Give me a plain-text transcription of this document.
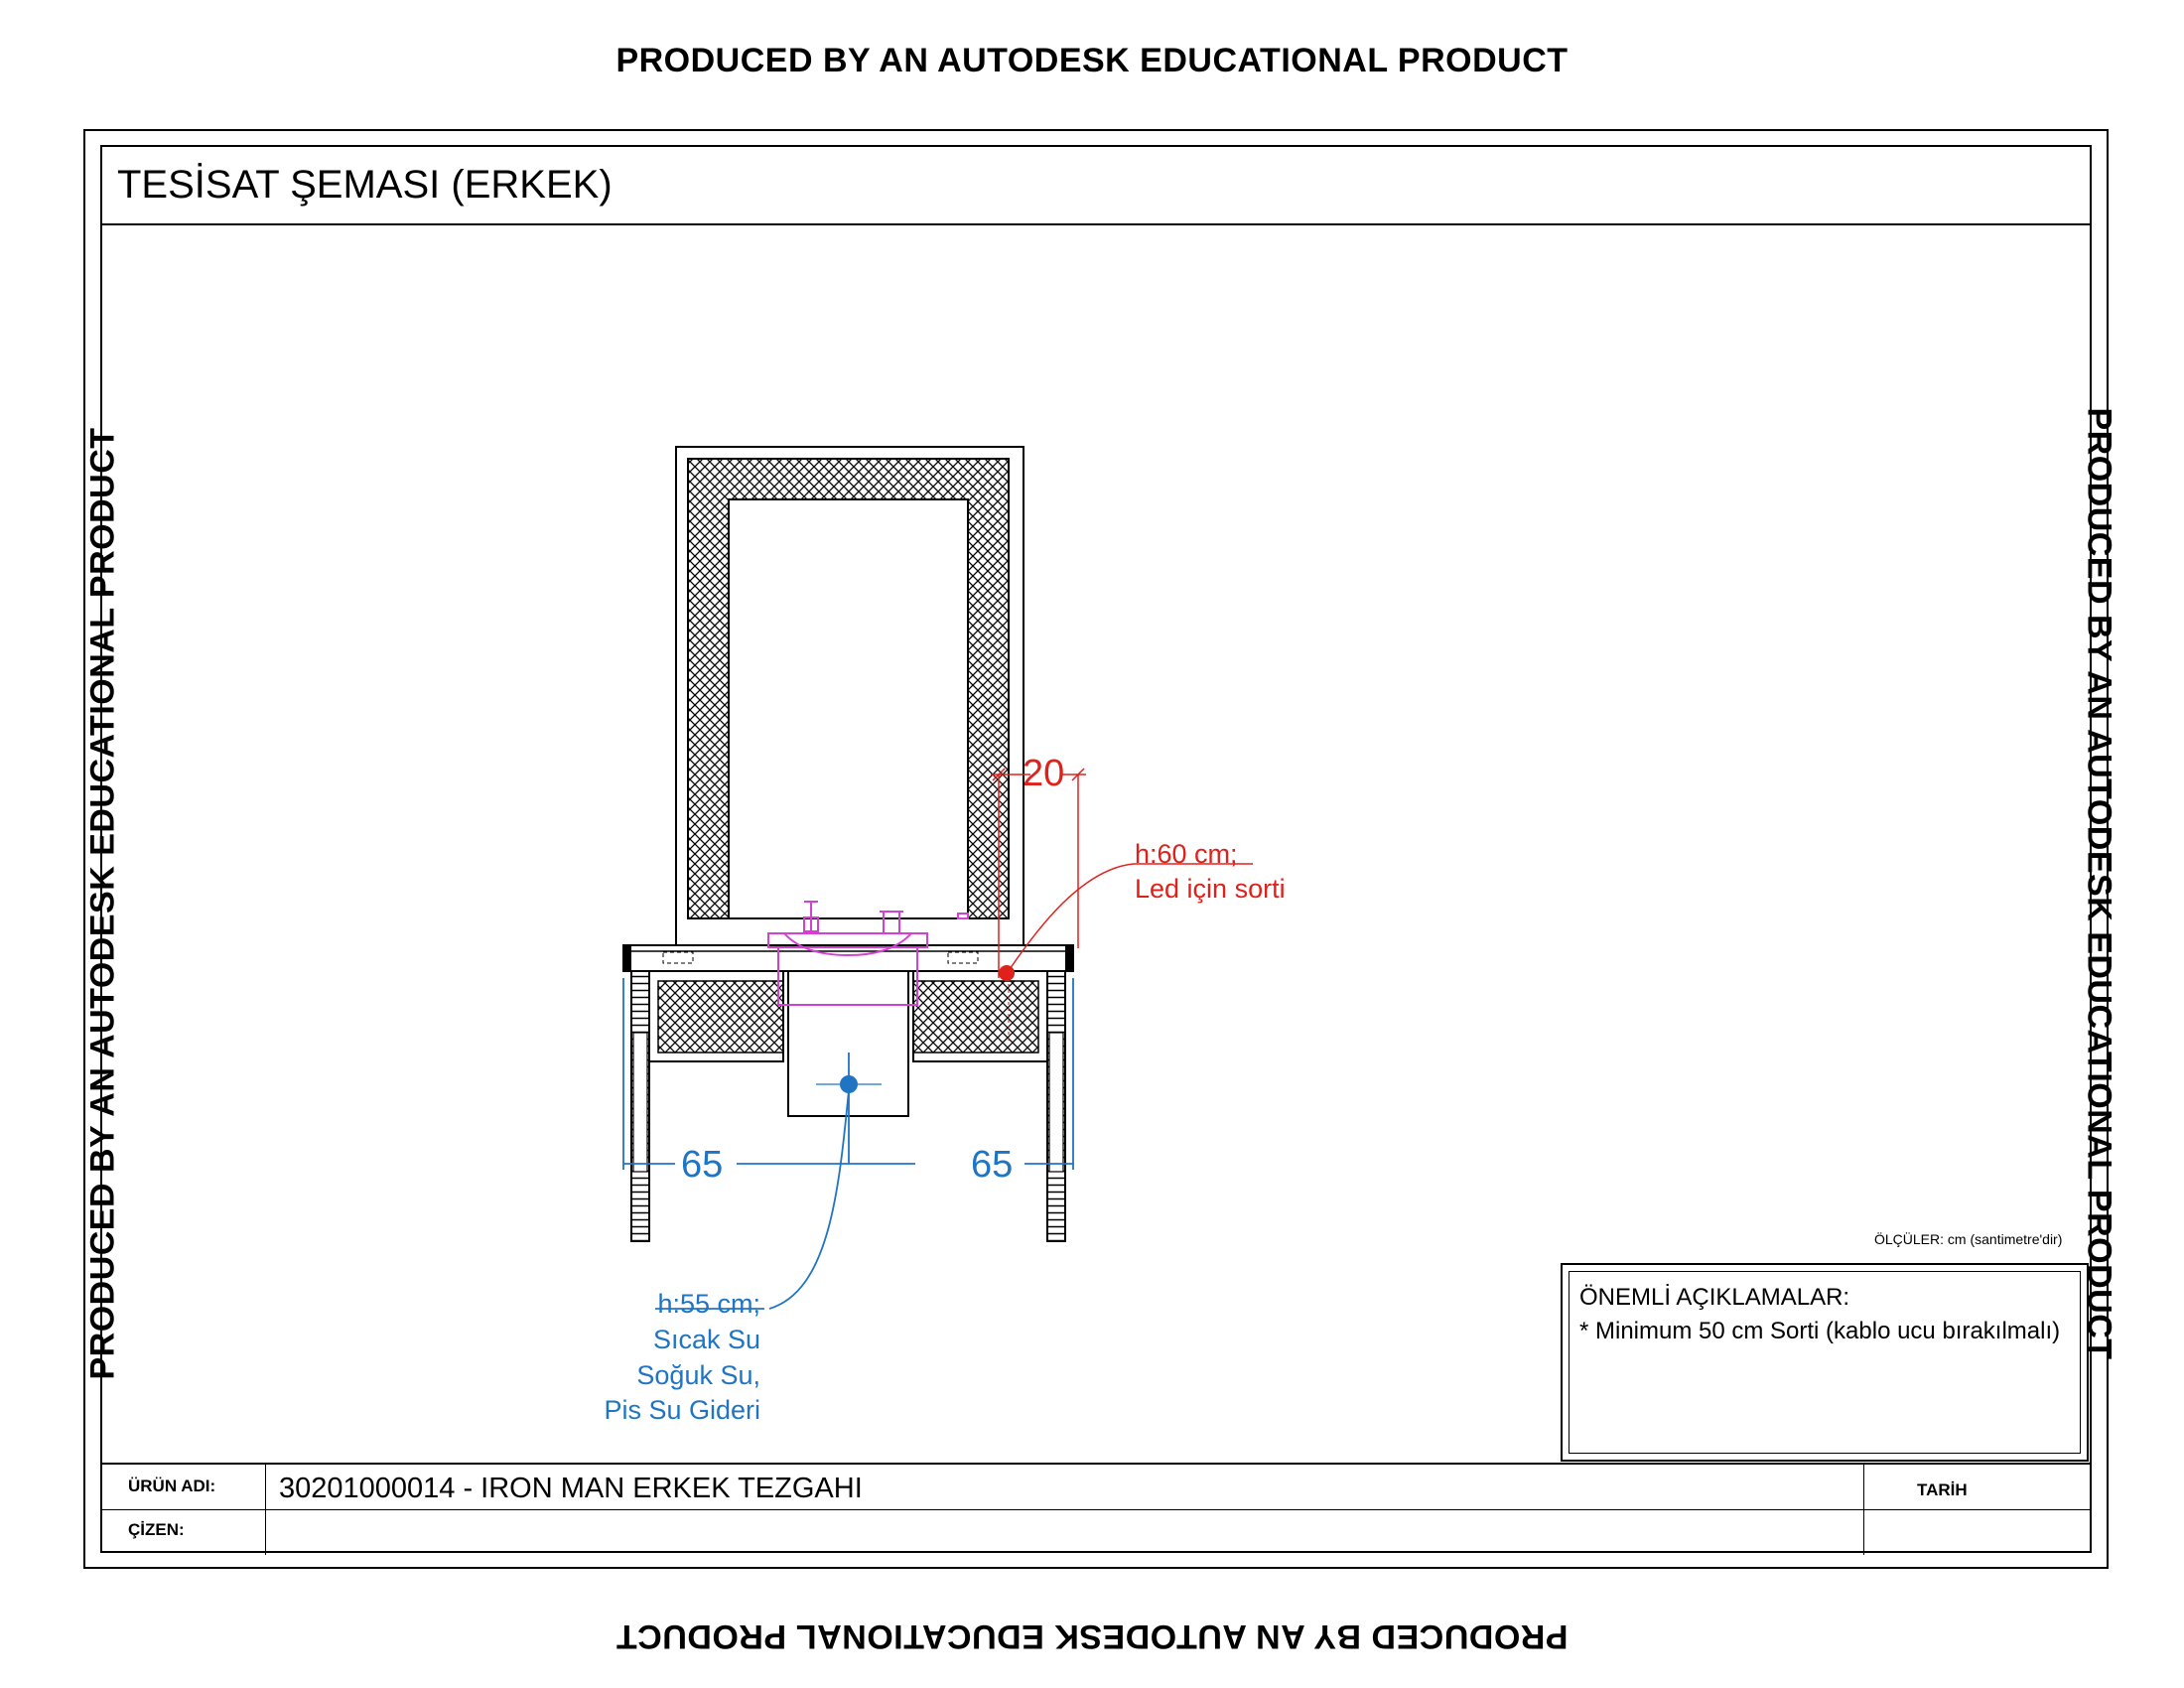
PRODUCED BY AN AUTODESK EDUCATIONAL PRODUCT
PRODUCED BY AN AUTODESK EDUCATIONAL PRODUCT	PRODUCED BY AN AUTODESK EDUCATIONAL PRODUCT
PRODUCED BY AN AUTODESK EDUCATIONAL PRODUCT
TESİSAT ŞEMASI (ERKEK)
20
h:60 cm;
Led için sorti
65	65
h:55 cm;
Sıcak Su
Soğuk Su,
Pis Su Gideri
ÖLÇÜLER: cm (santimetre'dir)
ÖNEMLİ AÇIKLAMALAR:
* Minimum 50 cm Sorti (kablo ucu bırakılmalı)
ÜRÜN ADI: 30201000014 - IRON MAN ERKEK TEZGAHI
ÇİZEN:
TARİH
